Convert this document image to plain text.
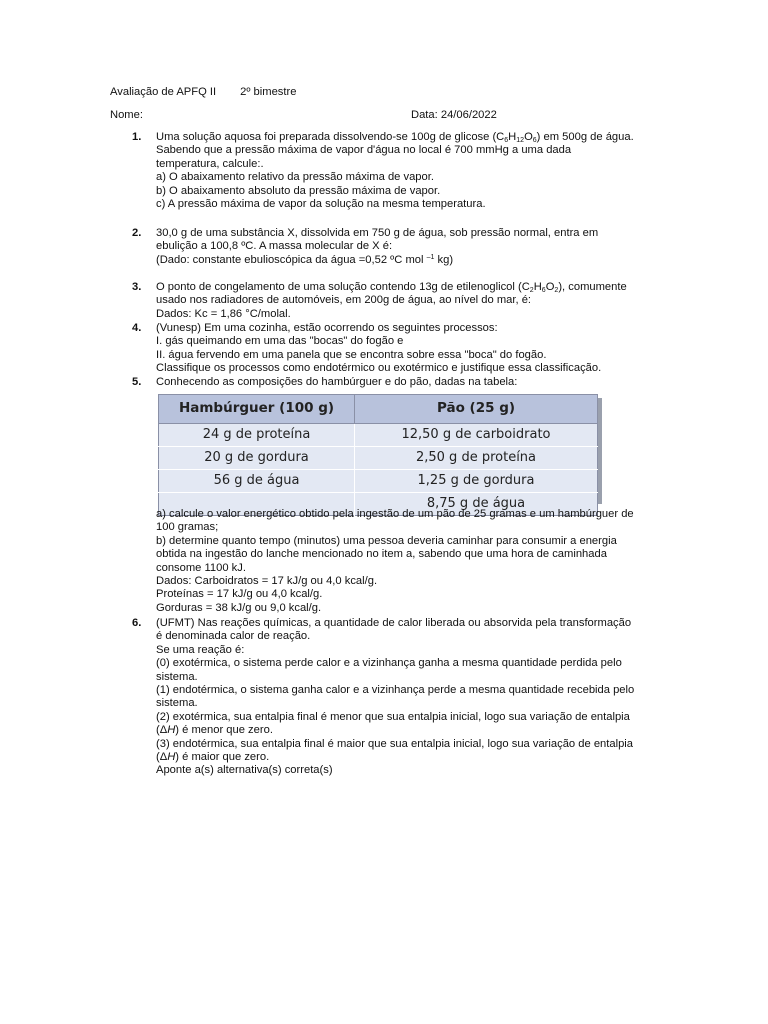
Avaliação de APFQ II 2º bimestre
Nome:	Data: 24/06/2022
1. Uma solução aquosa foi preparada dissolvendo-se 100g de glicose $(C_6H_{12}O_6)$ em 500g de água.
Sabendo que a pressão máxima de vapor d'água no local é 700 mmHg a uma dada
temperatura, calcule:.
a) O abaixamento relativo da pressão máxima de vapor.
b) O abaixamento absoluto da pressão máxima de vapor.
c) A pressão máxima de vapor da solução na mesma temperatura.
2. 30,0 g de uma substância X, dissolvida em 750 g de água, sob pressão normal, entra em
ebulição a 100,8 ºC. A massa molecular de X é:
(Dado: constante ebulioscópica da água =0,52 ºC mol $^{-1}$ kg)
3. O ponto de congelamento de uma solução contendo 13g de etilenoglicol $(C_2H_6O_2)$, comumente
usado nos radiadores de automóveis, em 200g de água, ao nível do mar, é:
Dados: Kc = 1,86 °C/molal.
4. (Vunesp) Em uma cozinha, estão ocorrendo os seguintes processos:
I. gás queimando em uma das "bocas" do fogão e
II. água fervendo em uma panela que se encontra sobre essa "boca" do fogão.
Classifique os processos como endotérmico ou exotérmico e justifique essa classificação.
5. Conhecendo as composições do hambúrguer e do pão, dadas na tabela:
Hambúrguer (100 g)	Pão (25 g)
24 g de proteína	12,50 g de carboidrato
20 g de gordura	2,50 g de proteína
56 g de água	1,25 g de gordura
	8,75 g de água
a) calcule o valor energético obtido pela ingestão de um pão de 25 gramas e um hambúrguer de
100 gramas;
b) determine quanto tempo (minutos) uma pessoa deveria caminhar para consumir a energia
obtida na ingestão do lanche mencionado no item a, sabendo que uma hora de caminhada
consome 1100 kJ.
Dados: Carboidratos = 17 kJ/g ou 4,0 kcal/g.
Proteínas = 17 kJ/g ou 4,0 kcal/g.
Gorduras = 38 kJ/g ou 9,0 kcal/g.
6. (UFMT) Nas reações químicas, a quantidade de calor liberada ou absorvida pela transformação
é denominada calor de reação.
Se uma reação é:
(0) exotérmica, o sistema perde calor e a vizinhança ganha a mesma quantidade perdida pelo
sistema.
(1) endotérmica, o sistema ganha calor e a vizinhança perde a mesma quantidade recebida pelo
sistema.
(2) exotérmica, sua entalpia final é menor que sua entalpia inicial, logo sua variação de entalpia
(ΔH) é menor que zero.
(3) endotérmica, sua entalpia final é maior que sua entalpia inicial, logo sua variação de entalpia
(ΔH) é maior que zero.
Aponte a(s) alternativa(s) correta(s)
